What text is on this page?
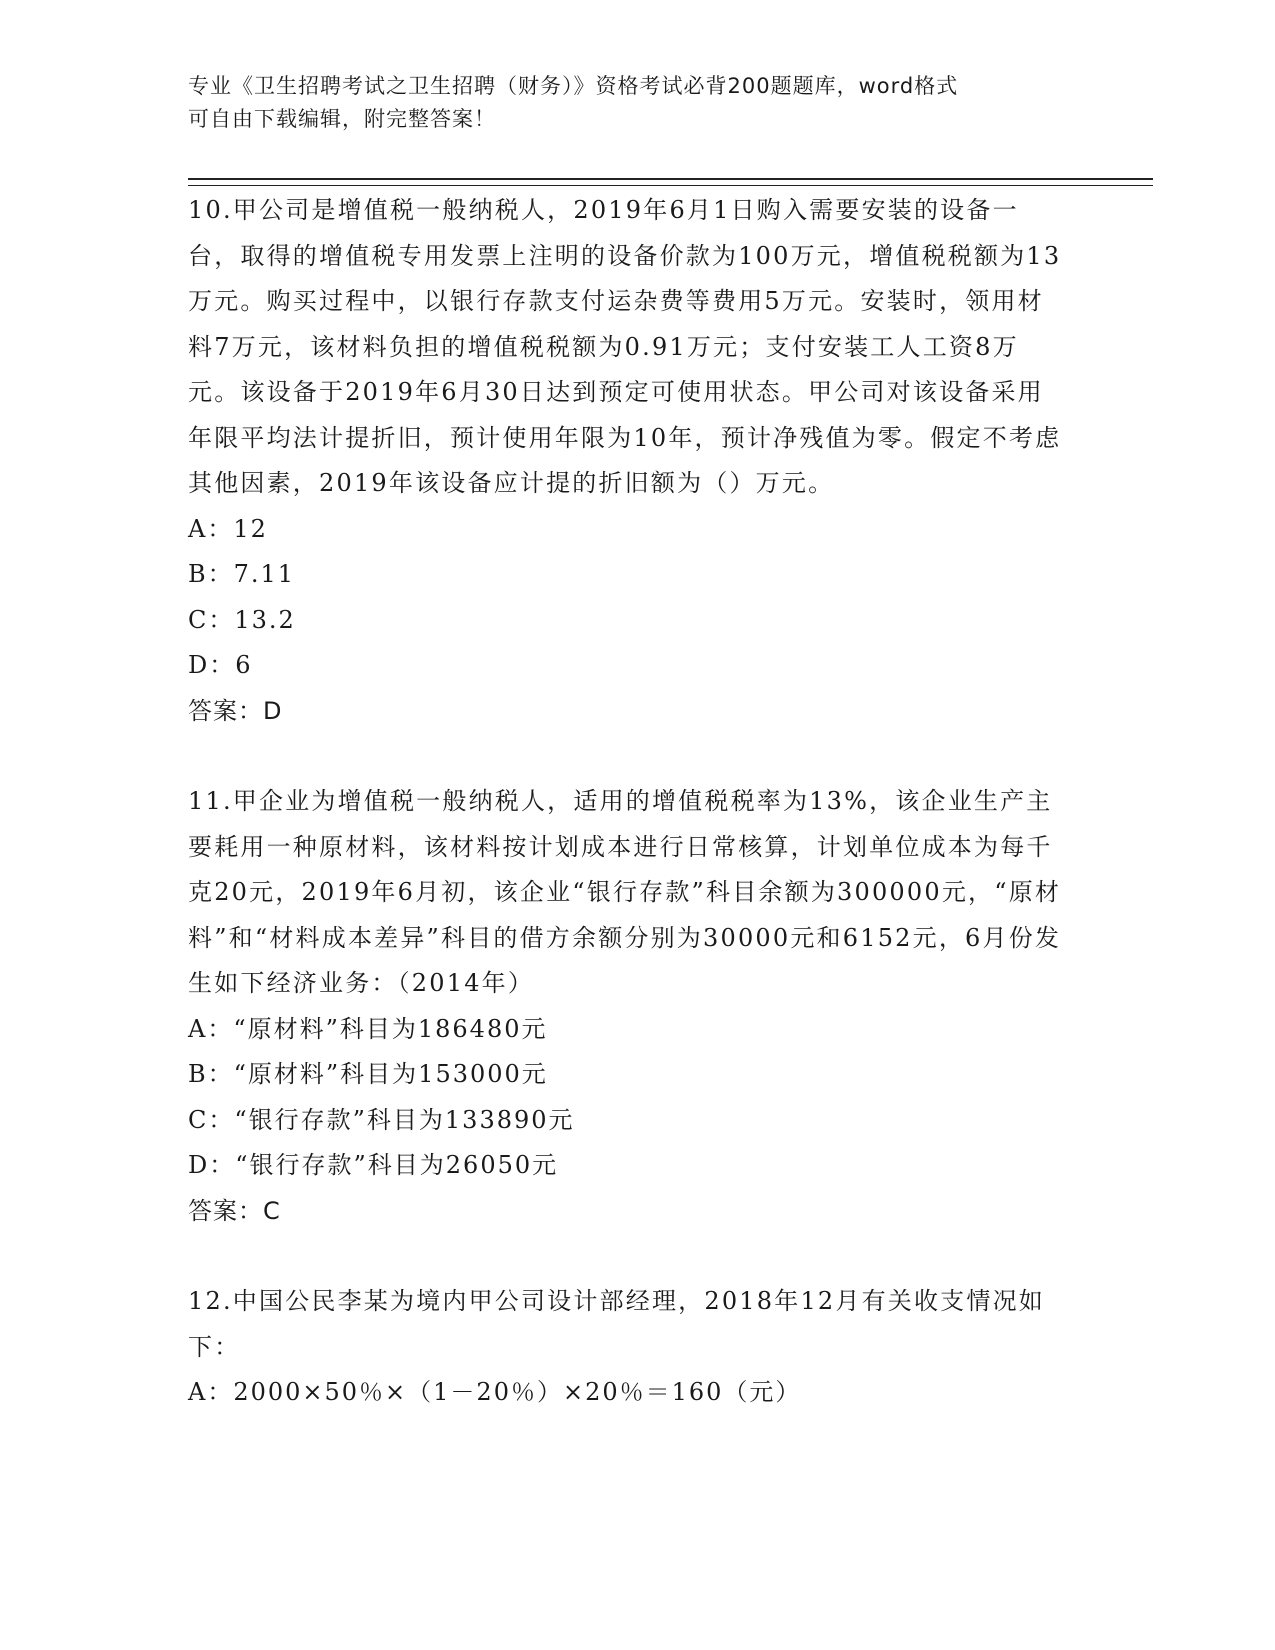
专业《卫生招聘考试之卫生招聘（财务）》资格考试必背200题题库，word格式
可自由下载编辑，附完整答案！

10.甲公司是增值税一般纳税人，2019年6月1日购入需要安装的设备一台，取得的增值税专用发票上注明的设备价款为100万元，增值税税额为13万元。购买过程中，以银行存款支付运杂费等费用5万元。安装时，领用材料7万元，该材料负担的增值税税额为0.91万元；支付安装工人工资8万元。该设备于2019年6月30日达到预定可使用状态。甲公司对该设备采用年限平均法计提折旧，预计使用年限为10年，预计净残值为零。假定不考虑其他因素，2019年该设备应计提的折旧额为（）万元。

A：12

B：7.11

C：13.2

D：6

答案：D

11.甲企业为增值税一般纳税人，适用的增值税税率为13%，该企业生产主要耗用一种原材料，该材料按计划成本进行日常核算，计划单位成本为每千克20元，2019年6月初，该企业“银行存款”科目余额为300000元，“原材料”和“材料成本差异”科目的借方余额分别为30000元和6152元，6月份发生如下经济业务：（2014年）

A：“原材料”科目为186480元

B：“原材料”科目为153000元

C：“银行存款”科目为133890元

D：“银行存款”科目为26050元

答案：C

12.中国公民李某为境内甲公司设计部经理，2018年12月有关收支情况如下：

A：2000×50％×（1－20％）×20％＝160（元）
